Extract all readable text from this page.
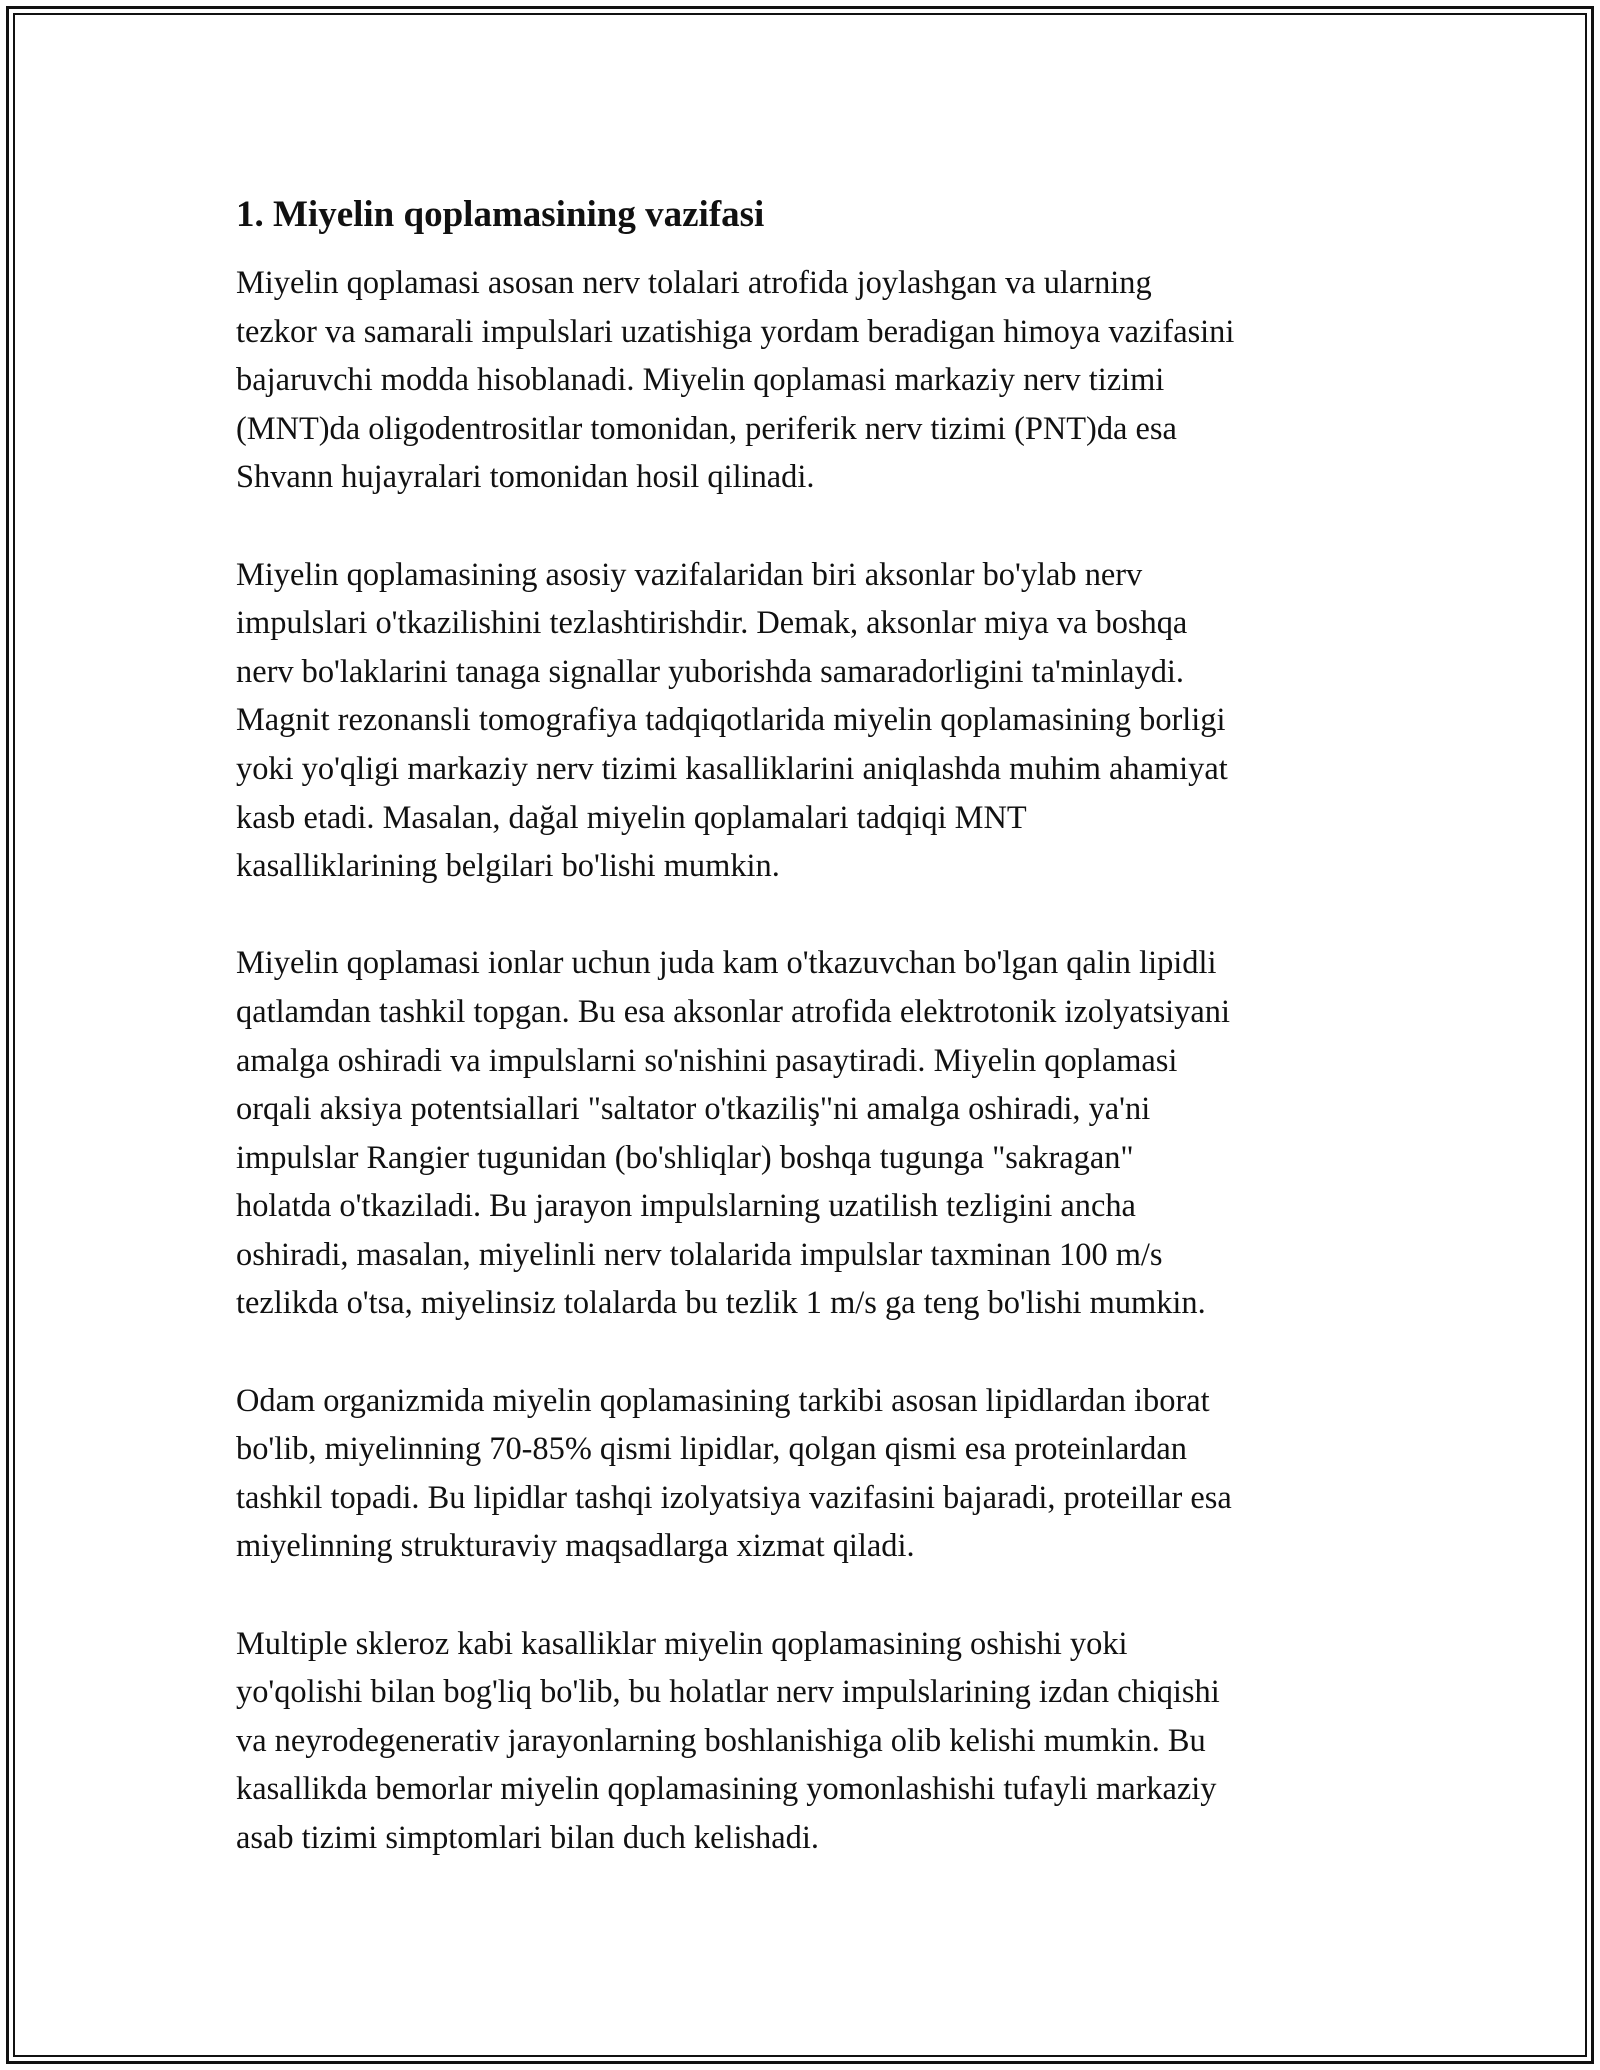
1. Miyelin qoplamasining vazifasi

Miyelin qoplamasi asosan nerv tolalari atrofida joylashgan va ularning
tezkor va samarali impulslari uzatishiga yordam beradigan himoya vazifasini
bajaruvchi modda hisoblanadi. Miyelin qoplamasi markaziy nerv tizimi
(MNT)da oligodentrositlar tomonidan, periferik nerv tizimi (PNT)da esa
Shvann hujayralari tomonidan hosil qilinadi.

Miyelin qoplamasining asosiy vazifalaridan biri aksonlar bo'ylab nerv
impulslari o'tkazilishini tezlashtirishdir. Demak, aksonlar miya va boshqa
nerv bo'laklarini tanaga signallar yuborishda samaradorligini ta'minlaydi.
Magnit rezonansli tomografiya tadqiqotlarida miyelin qoplamasining borligi
yoki yo'qligi markaziy nerv tizimi kasalliklarini aniqlashda muhim ahamiyat
kasb etadi. Masalan, dağal miyelin qoplamalari tadqiqi MNT
kasalliklarining belgilari bo'lishi mumkin.

Miyelin qoplamasi ionlar uchun juda kam o'tkazuvchan bo'lgan qalin lipidli
qatlamdan tashkil topgan. Bu esa aksonlar atrofida elektrotonik izolyatsiyani
amalga oshiradi va impulslarni so'nishini pasaytiradi. Miyelin qoplamasi
orqali aksiya potentsiallari "saltator o'tkaziliş"ni amalga oshiradi, ya'ni
impulslar Rangier tugunidan (bo'shliqlar) boshqa tugunga "sakragan"
holatda o'tkaziladi. Bu jarayon impulslarning uzatilish tezligini ancha
oshiradi, masalan, miyelinli nerv tolalarida impulslar taxminan 100 m/s
tezlikda o'tsa, miyelinsiz tolalarda bu tezlik 1 m/s ga teng bo'lishi mumkin.

Odam organizmida miyelin qoplamasining tarkibi asosan lipidlardan iborat
bo'lib, miyelinning 70-85% qismi lipidlar, qolgan qismi esa proteinlardan
tashkil topadi. Bu lipidlar tashqi izolyatsiya vazifasini bajaradi, proteillar esa
miyelinning strukturaviy maqsadlarga xizmat qiladi.

Multiple skleroz kabi kasalliklar miyelin qoplamasining oshishi yoki
yo'qolishi bilan bog'liq bo'lib, bu holatlar nerv impulslarining izdan chiqishi
va neyrodegenerativ jarayonlarning boshlanishiga olib kelishi mumkin. Bu
kasallikda bemorlar miyelin qoplamasining yomonlashishi tufayli markaziy
asab tizimi simptomlari bilan duch kelishadi.
